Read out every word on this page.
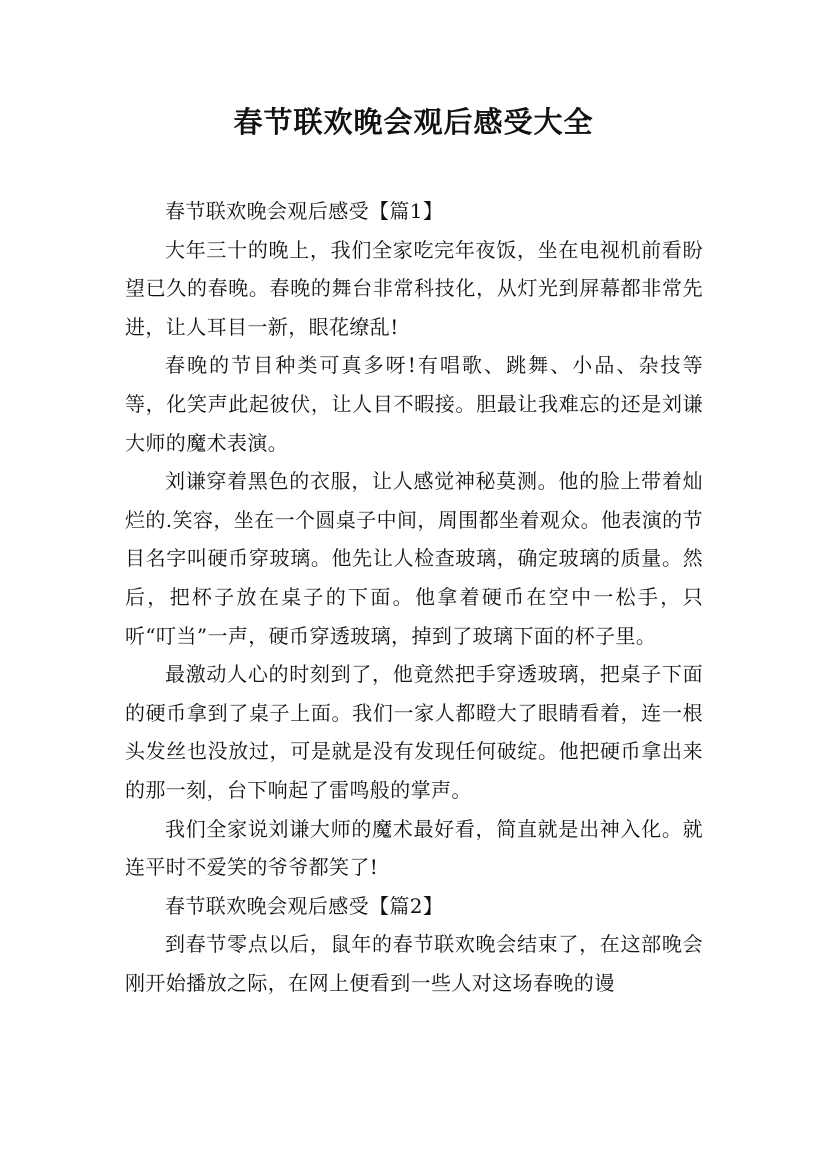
春节联欢晚会观后感受大全

春节联欢晚会观后感受【篇1】

大年三十的晚上，我们全家吃完年夜饭，坐在电视机前看盼望已久的春晚。春晚的舞台非常科技化，从灯光到屏幕都非常先进，让人耳目一新，眼花缭乱!

春晚的节目种类可真多呀!有唱歌、跳舞、小品、杂技等等，化笑声此起彼伏，让人目不暇接。胆最让我难忘的还是刘谦大师的魔术表演。

刘谦穿着黑色的衣服，让人感觉神秘莫测。他的脸上带着灿烂的.笑容，坐在一个圆桌子中间，周围都坐着观众。他表演的节目名字叫硬币穿玻璃。他先让人检查玻璃，确定玻璃的质量。然后，把杯子放在桌子的下面。他拿着硬币在空中一松手，只听“叮当”一声，硬币穿透玻璃，掉到了玻璃下面的杯子里。

最激动人心的时刻到了，他竟然把手穿透玻璃，把桌子下面的硬币拿到了桌子上面。我们一家人都瞪大了眼睛看着，连一根头发丝也没放过，可是就是没有发现任何破绽。他把硬币拿出来的那一刻，台下响起了雷鸣般的掌声。

我们全家说刘谦大师的魔术最好看，简直就是出神入化。就连平时不爱笑的爷爷都笑了!

春节联欢晚会观后感受【篇2】

到春节零点以后，鼠年的春节联欢晚会结束了，在这部晚会刚开始播放之际，在网上便看到一些人对这场春晚的谩
